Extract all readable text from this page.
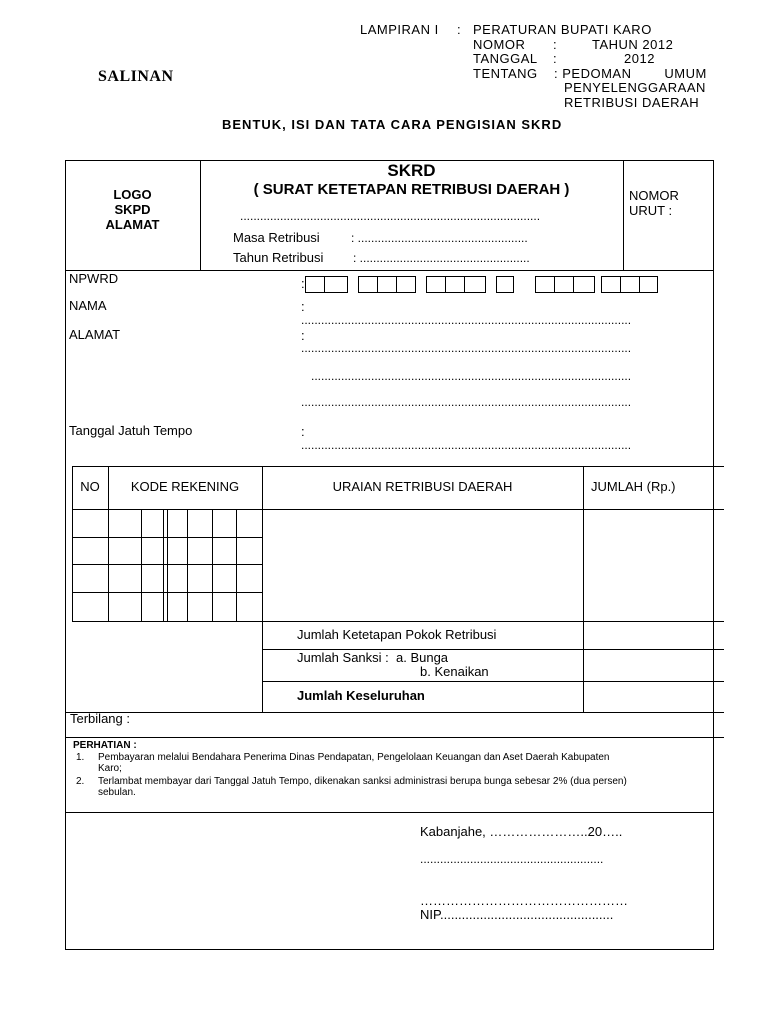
LAMPIRAN I : PERATURAN BUPATI KARO
NOMOR :	TAHUN 2012
TANGGAL :	2012
TENTANG : PEDOMAN        UMUM
PENYELENGGARAAN
RETRIBUSI DAERAH
SALINAN
BENTUK, ISI DAN TATA CARA PENGISIAN SKRD
LOGO
SKPD
ALAMAT
SKRD
( SURAT KETETAPAN RETRIBUSI DAERAH )
..........................................................................................
Masa Retribusi	: ...................................................
Tahun Retribusi : ...................................................
NOMOR
URUT :
NPWRD	:
NAMA	:
...................................................................................................
ALAMAT	:
...................................................................................................
................................................................................................
...................................................................................................
Tanggal Jatuh Tempo	:
...................................................................................................
NO	KODE REKENING	URAIAN RETRIBUSI DAERAH	JUMLAH (Rp.)
Jumlah Ketetapan Pokok Retribusi
Jumlah Sanksi :  a. Bunga
b. Kenaikan
Jumlah Keseluruhan
Terbilang :
PERHATIAN :
1. Pembayaran melalui Bendahara Penerima Dinas Pendapatan, Pengelolaan Keuangan dan Aset Daerah Kabupaten
Karo;
2. Terlambat membayar dari Tanggal Jatuh Tempo, dikenakan sanksi administrasi berupa bunga sebesar 2% (dua persen)
sebulan.
Kabanjahe, …………………..20…..
.......................................................
…………………………………………
NIP................................................
